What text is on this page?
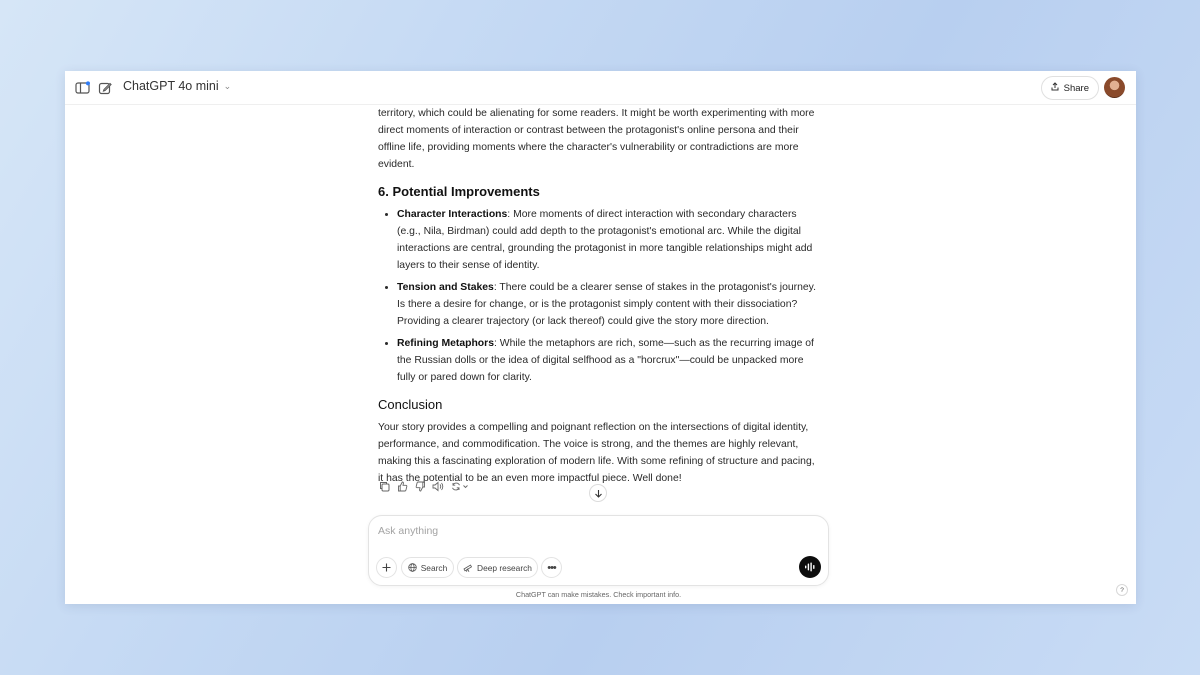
ChatGPT 4o mini ⌄	Share

territory, which could be alienating for some readers. It might be worth experimenting with more direct moments of interaction or contrast between the protagonist's online persona and their offline life, providing moments where the character's vulnerability or contradictions are more evident.

6. Potential Improvements
• Character Interactions: More moments of direct interaction with secondary characters (e.g., Nila, Birdman) could add depth to the protagonist's emotional arc. While the digital interactions are central, grounding the protagonist in more tangible relationships might add layers to their sense of identity.
• Tension and Stakes: There could be a clearer sense of stakes in the protagonist's journey. Is there a desire for change, or is the protagonist simply content with their dissociation? Providing a clearer trajectory (or lack thereof) could give the story more direction.
• Refining Metaphors: While the metaphors are rich, some—such as the recurring image of the Russian dolls or the idea of digital selfhood as a "horcrux"—could be unpacked more fully or pared down for clarity.
Conclusion

Your story provides a compelling and poignant reflection on the intersections of digital identity, performance, and commodification. The voice is strong, and the themes are highly relevant, making this a fascinating exploration of modern life. With some refining of structure and pacing, it has the potential to be an even more impactful piece. Well done!

Ask anything
Search	Deep research •••
ChatGPT can make mistakes. Check important info.	?
